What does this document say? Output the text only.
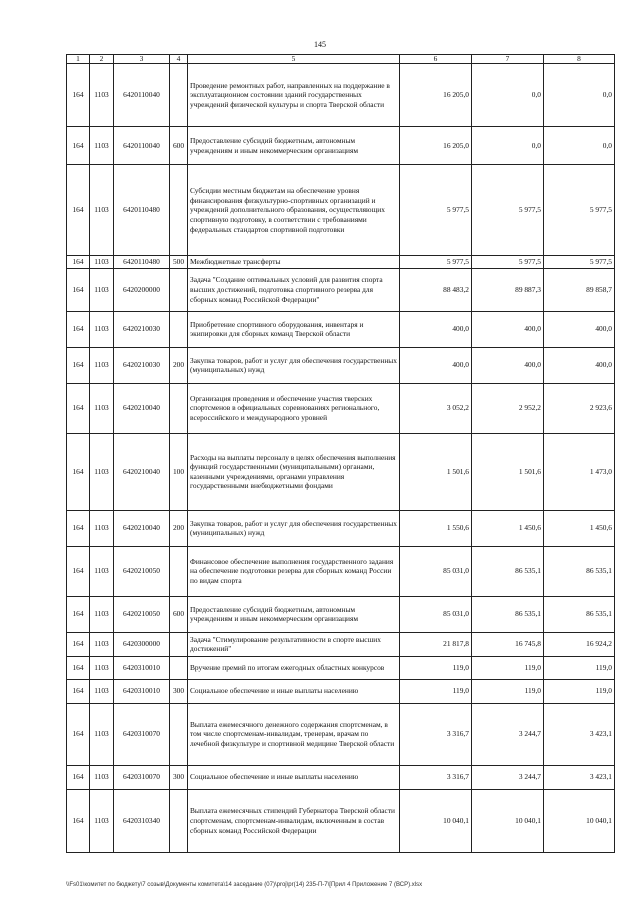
145
1	2	3	4	5	6	7	8
164	1103	6420110040		Проведение ремонтных работ, направленных на поддержание в эксплуатационном состоянии зданий государственных учреждений физической культуры и спорта Тверской области	16 205,0	0,0	0,0
164	1103	6420110040	600	Предоставление субсидий бюджетным, автономным учреждениям и иным некоммерческим организациям	16 205,0	0,0	0,0
164	1103	6420110480		Субсидии местным бюджетам на обеспечение уровня финансирования физкультурно-спортивных организаций и учреждений дополнительного образования, осуществляющих спортивную подготовку, в соответствии с требованиями федеральных стандартов спортивной подготовки	5 977,5	5 977,5	5 977,5
164	1103	6420110480	500	Межбюджетные трансферты	5 977,5	5 977,5	5 977,5
164	1103	6420200000		Задача "Создание оптимальных условий для развития спорта высших достижений, подготовка спортивного резерва для сборных команд Российской Федерации"	88 483,2	89 887,3	89 858,7
164	1103	6420210030		Приобретение спортивного оборудования, инвентаря и экипировки для сборных команд Тверской области	400,0	400,0	400,0
164	1103	6420210030	200	Закупка товаров, работ и услуг для обеспечения государственных (муниципальных) нужд	400,0	400,0	400,0
164	1103	6420210040		Организация проведения и обеспечение участия тверских спортсменов в официальных соревнованиях регионального, всероссийского и международного уровней	3 052,2	2 952,2	2 923,6
164	1103	6420210040	100	Расходы на выплаты персоналу в целях обеспечения выполнения функций государственными (муниципальными) органами, казенными учреждениями, органами управления государственными внебюджетными фондами	1 501,6	1 501,6	1 473,0
164	1103	6420210040	200	Закупка товаров, работ и услуг для обеспечения государственных (муниципальных) нужд	1 550,6	1 450,6	1 450,6
164	1103	6420210050		Финансовое обеспечение выполнения государственного задания на обеспечение подготовки резерва для сборных команд России по видам спорта	85 031,0	86 535,1	86 535,1
164	1103	6420210050	600	Предоставление субсидий бюджетным, автономным учреждениям и иным некоммерческим организациям	85 031,0	86 535,1	86 535,1
164	1103	6420300000		Задача "Стимулирование результативности в спорте высших достижений"	21 817,8	16 745,8	16 924,2
164	1103	6420310010		Вручение премий по итогам ежегодных областных конкурсов	119,0	119,0	119,0
164	1103	6420310010	300	Социальное обеспечение и иные выплаты населению	119,0	119,0	119,0
164	1103	6420310070		Выплата ежемесячного денежного содержания спортсменам, в том числе спортсменам-инвалидам, тренерам, врачам по лечебной физкультуре и спортивной медицине Тверской области	3 316,7	3 244,7	3 423,1
164	1103	6420310070	300	Социальное обеспечение и иные выплаты населению	3 316,7	3 244,7	3 423,1
164	1103	6420310340		Выплата ежемесячных стипендий Губернатора Тверской области спортсменам, спортсменам-инвалидам, включенным в состав сборных команд Российской Федерации	10 040,1	10 040,1	10 040,1
\\Fs01\комитет по бюджету\7 созыв\Документы комитета\14 заседание (07)\proj\pr(14) 235-П-7\[Прил 4 Приложение 7 (ВСР).xlsx
